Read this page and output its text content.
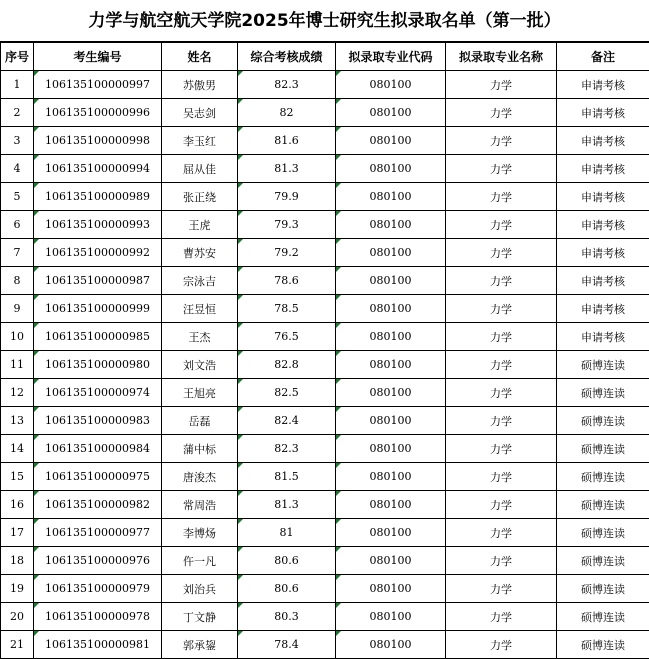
力学与航空航天学院2025年博士研究生拟录取名单（第一批）
序号	考生编号	姓名	综合考核成绩	拟录取专业代码	拟录取专业名称	备注
1	106135100000997	苏傲男	82.3	080100	力学	申请考核
2	106135100000996	吴志剑	82	080100	力学	申请考核
3	106135100000998	李玉红	81.6	080100	力学	申请考核
4	106135100000994	屈从佳	81.3	080100	力学	申请考核
5	106135100000989	张正绕	79.9	080100	力学	申请考核
6	106135100000993	王虎	79.3	080100	力学	申请考核
7	106135100000992	曹苏安	79.2	080100	力学	申请考核
8	106135100000987	宗泳吉	78.6	080100	力学	申请考核
9	106135100000999	汪昱恒	78.5	080100	力学	申请考核
10	106135100000985	王杰	76.5	080100	力学	申请考核
11	106135100000980	刘文浩	82.8	080100	力学	硕博连读
12	106135100000974	王旭亮	82.5	080100	力学	硕博连读
13	106135100000983	岳磊	82.4	080100	力学	硕博连读
14	106135100000984	蒲中标	82.3	080100	力学	硕博连读
15	106135100000975	唐浚杰	81.5	080100	力学	硕博连读
16	106135100000982	常周浩	81.3	080100	力学	硕博连读
17	106135100000977	李博炀	81	080100	力学	硕博连读
18	106135100000976	仵一凡	80.6	080100	力学	硕博连读
19	106135100000979	刘治兵	80.6	080100	力学	硕博连读
20	106135100000978	丁文静	80.3	080100	力学	硕博连读
21	106135100000981	郭承鋆	78.4	080100	力学	硕博连读
